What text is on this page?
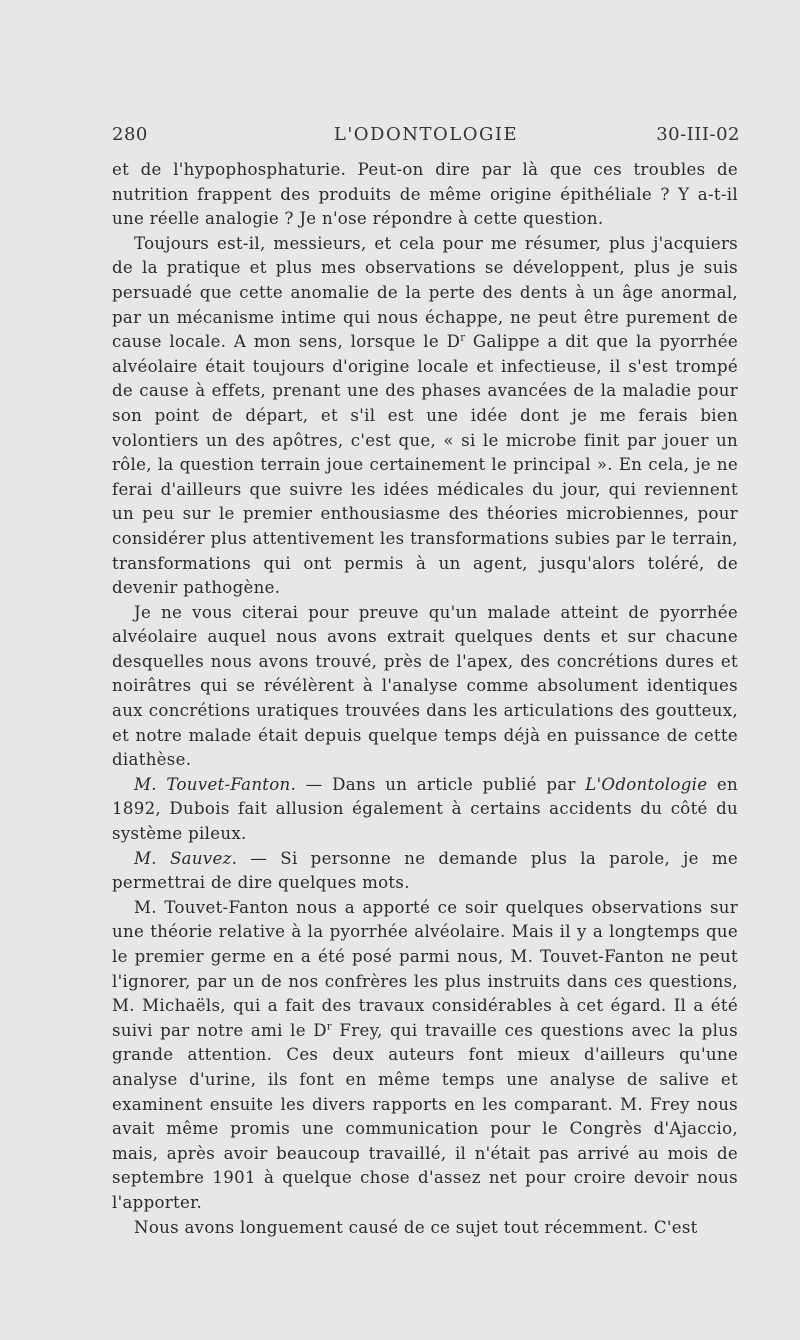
280	L'ODONTOLOGIE	30-III-02

et de l'hypophosphaturie. Peut-on dire par là que ces troubles de nutrition frappent des produits de même origine épithéliale ? Y a-t-il une réelle analogie ? Je n'ose répondre à cette question.

Toujours est-il, messieurs, et cela pour me résumer, plus j'acquiers de la pratique et plus mes observations se développent, plus je suis persuadé que cette anomalie de la perte des dents à un âge anormal, par un mécanisme intime qui nous échappe, ne peut être purement de cause locale. A mon sens, lorsque le $D^r$ Galippe a dit que la pyorrhée alvéolaire était toujours d'origine locale et infectieuse, il s'est trompé de cause à effets, prenant une des phases avancées de la maladie pour son point de départ, et s'il est une idée dont je me ferais bien volontiers un des apôtres, c'est que, « si le microbe finit par jouer un rôle, la question terrain joue certainement le principal ». En cela, je ne ferai d'ailleurs que suivre les idées médicales du jour, qui reviennent un peu sur le premier enthousiasme des théories microbiennes, pour considérer plus attentivement les transformations subies par le terrain, transformations qui ont permis à un agent, jusqu'alors toléré, de devenir pathogène.

Je ne vous citerai pour preuve qu'un malade atteint de pyorrhée alvéolaire auquel nous avons extrait quelques dents et sur chacune desquelles nous avons trouvé, près de l'apex, des concrétions dures et noirâtres qui se révélèrent à l'analyse comme absolument identiques aux concrétions uratiques trouvées dans les articulations des goutteux, et notre malade était depuis quelque temps déjà en puissance de cette diathèse.

M. Touvet-Fanton. — Dans un article publié par L'Odontologie en 1892, Dubois fait allusion également à certains accidents du côté du système pileux.

M. Sauvez. — Si personne ne demande plus la parole, je me permettrai de dire quelques mots.

M. Touvet-Fanton nous a apporté ce soir quelques observations sur une théorie relative à la pyorrhée alvéolaire. Mais il y a longtemps que le premier germe en a été posé parmi nous, M. Touvet-Fanton ne peut l'ignorer, par un de nos confrères les plus instruits dans ces questions, M. Michaëls, qui a fait des travaux considérables à cet égard. Il a été suivi par notre ami le $D^r$ Frey, qui travaille ces questions avec la plus grande attention. Ces deux auteurs font mieux d'ailleurs qu'une analyse d'urine, ils font en même temps une analyse de salive et examinent ensuite les divers rapports en les comparant. M. Frey nous avait même promis une communication pour le Congrès d'Ajaccio, mais, après avoir beaucoup travaillé, il n'était pas arrivé au mois de septembre 1901 à quelque chose d'assez net pour croire devoir nous l'apporter.

Nous avons longuement causé de ce sujet tout récemment. C'est
